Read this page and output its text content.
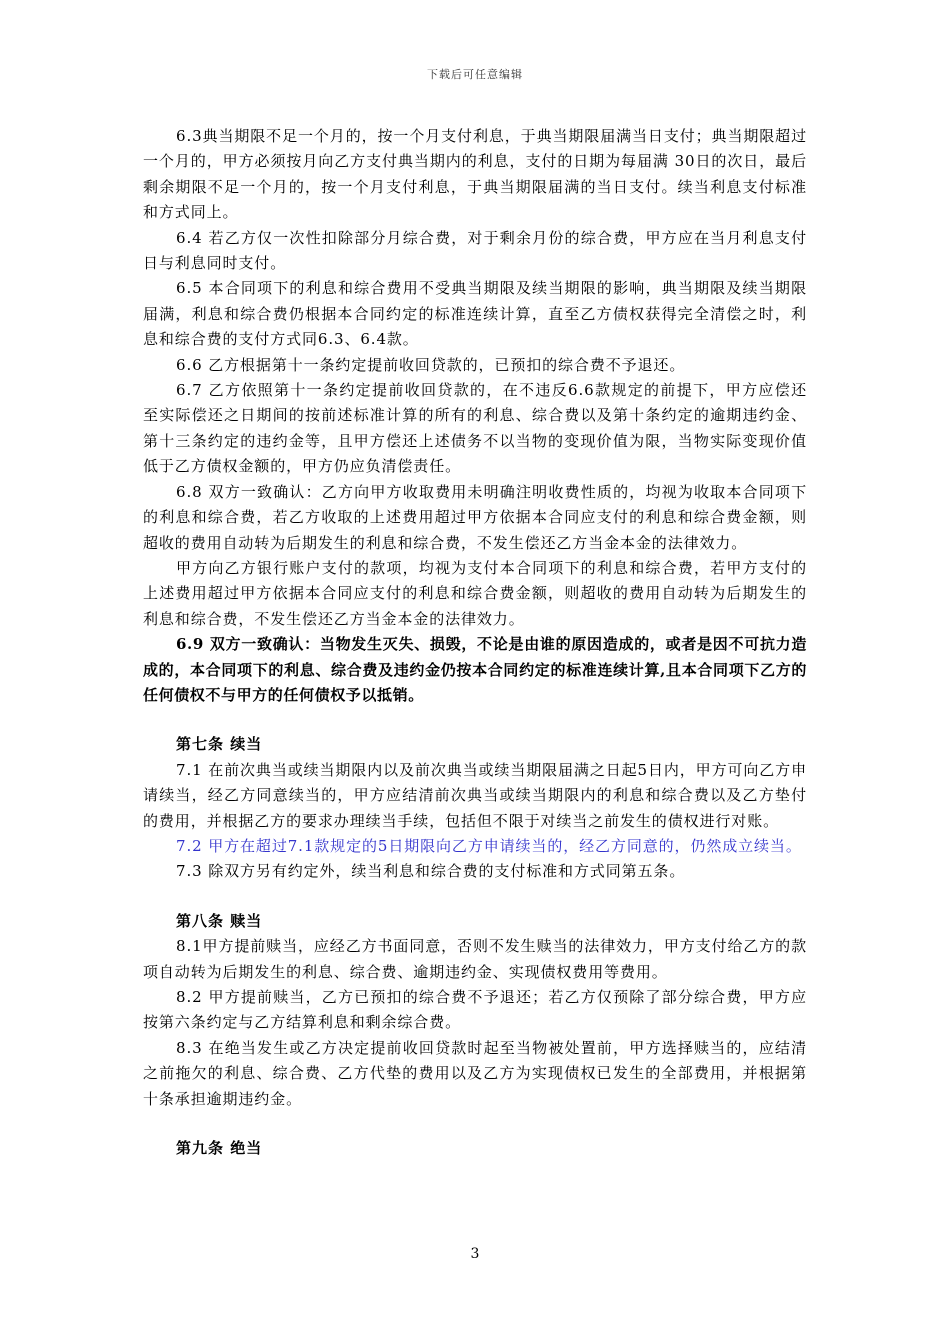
下载后可任意编辑

6.3典当期限不足一个月的，按一个月支付利息，于典当期限届满当日支付；典当期限超过一个月的，甲方必须按月向乙方支付典当期内的利息，支付的日期为每届满 30日的次日，最后剩余期限不足一个月的，按一个月支付利息，于典当期限届满的当日支付。续当利息支付标准和方式同上。

6.4 若乙方仅一次性扣除部分月综合费，对于剩余月份的综合费，甲方应在当月利息支付日与利息同时支付。

6.5 本合同项下的利息和综合费用不受典当期限及续当期限的影响，典当期限及续当期限届满，利息和综合费仍根据本合同约定的标准连续计算，直至乙方债权获得完全清偿之时，利息和综合费的支付方式同6.3、6.4款。

6.6 乙方根据第十一条约定提前收回贷款的，已预扣的综合费不予退还。

6.7 乙方依照第十一条约定提前收回贷款的，在不违反6.6款规定的前提下，甲方应偿还至实际偿还之日期间的按前述标准计算的所有的利息、综合费以及第十条约定的逾期违约金、第十三条约定的违约金等，且甲方偿还上述债务不以当物的变现价值为限，当物实际变现价值低于乙方债权金额的，甲方仍应负清偿责任。

6.8 双方一致确认：乙方向甲方收取费用未明确注明收费性质的，均视为收取本合同项下的利息和综合费，若乙方收取的上述费用超过甲方依据本合同应支付的利息和综合费金额，则超收的费用自动转为后期发生的利息和综合费，不发生偿还乙方当金本金的法律效力。

甲方向乙方银行账户支付的款项，均视为支付本合同项下的利息和综合费，若甲方支付的上述费用超过甲方依据本合同应支付的利息和综合费金额，则超收的费用自动转为后期发生的利息和综合费，不发生偿还乙方当金本金的法律效力。

6.9 双方一致确认：当物发生灭失、损毁，不论是由谁的原因造成的，或者是因不可抗力造成的，本合同项下的利息、综合费及违约金仍按本合同约定的标准连续计算,且本合同项下乙方的任何债权不与甲方的任何债权予以抵销。

第七条 续当

7.1 在前次典当或续当期限内以及前次典当或续当期限届满之日起5日内，甲方可向乙方申请续当，经乙方同意续当的，甲方应结清前次典当或续当期限内的利息和综合费以及乙方垫付的费用，并根据乙方的要求办理续当手续，包括但不限于对续当之前发生的债权进行对账。

7.2 甲方在超过7.1款规定的5日期限向乙方申请续当的，经乙方同意的，仍然成立续当。

7.3 除双方另有约定外，续当利息和综合费的支付标准和方式同第五条。

第八条 赎当

8.1甲方提前赎当，应经乙方书面同意，否则不发生赎当的法律效力，甲方支付给乙方的款项自动转为后期发生的利息、综合费、逾期违约金、实现债权费用等费用。

8.2 甲方提前赎当，乙方已预扣的综合费不予退还；若乙方仅预除了部分综合费，甲方应按第六条约定与乙方结算利息和剩余综合费。

8.3 在绝当发生或乙方决定提前收回贷款时起至当物被处置前，甲方选择赎当的，应结清之前拖欠的利息、综合费、乙方代垫的费用以及乙方为实现债权已发生的全部费用，并根据第十条承担逾期违约金。

第九条 绝当
3
